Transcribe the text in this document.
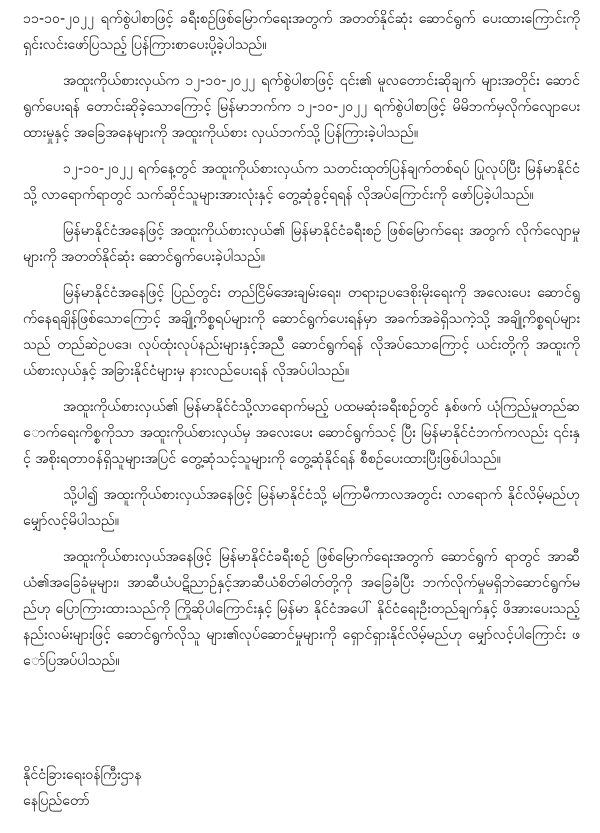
၁၁-၁၀-၂၀၂၂ ရက်စွဲပါစာဖြင့် ခရီးစဉ်ဖြစ်မြောက်ရေးအတွက် အတတ်နိုင်ဆုံး ဆောင်ရွက် ပေးထားကြောင်းကို ရှင်းလင်းဖော်ပြသည့် ပြန်ကြားစာပေးပို့ခဲ့ပါသည်။

အထူးကိုယ်စားလှယ်က ၁၂-၁၀-၂၀၂၂ ရက်စွဲပါစာဖြင့် ၎င်း၏ မူလတောင်းဆိုချက် များအတိုင်း ဆောင်ရွက်ပေးရန် တောင်းဆိုခဲ့သောကြောင့် မြန်မာဘက်က ၁၂-၁၀-၂၀၂၂ ရက်စွဲပါစာဖြင့် မိမိဘက်မှလိုက်လျောပေးထားမှုနှင့် အခြေအနေများကို အထူးကိုယ်စား လှယ်ဘက်သို့ ပြန်ကြားခဲ့ပါသည်။

၁၂-၁၀-၂၀၂၂ ရက်နေ့တွင် အထူးကိုယ်စားလှယ်က သတင်းထုတ်ပြန်ချက်တစ်ရပ် ပြုလုပ်ပြီး မြန်မာနိုင်ငံသို့ လာရောက်ရာတွင် သက်ဆိုင်သူများအားလုံးနှင့် တွေ့ဆုံခွင့်ရရန် လိုအပ်ကြောင်းကို ဖော်ပြခဲ့ပါသည်။

မြန်မာနိုင်ငံအနေဖြင့် အထူးကိုယ်စားလှယ်၏ မြန်မာနိုင်ငံခရီးစဉ် ဖြစ်မြောက်ရေး အတွက် လိုက်လျောမှုများကို အတတ်နိုင်ဆုံး ဆောင်ရွက်ပေးခဲ့ပါသည်။

မြန်မာနိုင်ငံအနေဖြင့် ပြည်တွင်း တည်ငြိမ်အေးချမ်းရေး၊ တရားဥပဒေစိုးမိုးရေးကို အလေးပေး ဆောင်ရွက်နေရချိန်ဖြစ်သောကြောင့် အချို့ကိစ္စရပ်များကို ဆောင်ရွက်ပေးရန်မှာ အခက်အခဲရှိသကဲ့သို့ အချို့ကိစ္စရပ်များသည် တည်ဆဲဥပဒေ၊ လုပ်ထုံးလုပ်နည်းများနှင့်အညီ ဆောင်ရွက်ရန် လိုအပ်သောကြောင့် ယင်းတို့ကို အထူးကိုယ်စားလှယ်နှင့် အခြားနိုင်ငံများမှ နားလည်ပေးရန် လိုအပ်ပါသည်။

အထူးကိုယ်စားလှယ်၏ မြန်မာနိုင်ငံသို့လာရောက်မည့် ပထမဆုံးခရီးစဉ်တွင် နှစ်ဖက် ယုံကြည်မှုတည်ဆောက်ရေးကိစ္စကိုသာ အထူးကိုယ်စားလှယ်မှ အလေးပေး ဆောင်ရွက်သင့် ပြီး မြန်မာနိုင်ငံဘက်ကလည်း ၎င်းနှင့် အစိုးရတာဝန်ရှိသူများအပြင် တွေ့ဆုံသင့်သူများကို တွေ့ဆုံနိုင်ရန် စီစဉ်ပေးထားပြီးဖြစ်ပါသည်။

သို့ပါ၍ အထူးကိုယ်စားလှယ်အနေဖြင့် မြန်မာနိုင်ငံသို့ မကြာမီကာလအတွင်း လာရောက် နိုင်လိမ့်မည်ဟု မျှော်လင့်မိပါသည်။

အထူးကိုယ်စားလှယ်အနေဖြင့် မြန်မာနိုင်ငံခရီးစဉ် ဖြစ်မြောက်ရေးအတွက် ဆောင်ရွက် ရာတွင် အာဆီယံ၏အခြေခံမူများ၊ အာဆီယံပဋိညာဉ်နှင့်အာဆီယံစိတ်ဓါတ်တို့ကို အခြေခံပြီး ဘက်လိုက်မှုမရှိဘဲဆောင်ရွက်မည်ဟု ပြောကြားထားသည်ကို ကြိုဆိုပါကြောင်းနှင့် မြန်မာ နိုင်ငံအပေါ် နိုင်ငံရေးဦးတည်ချက်နှင့် ဖိအားပေးသည့် နည်းလမ်းများဖြင့် ဆောင်ရွက်လိုသူ များ၏လုပ်ဆောင်မှုများကို ရှောင်ရှားနိုင်လိမ့်မည်ဟု မျှော်လင့်ပါကြောင်း ဖော်ပြအပ်ပါသည်။

နိုင်ငံခြားရေးဝန်ကြီးဌာန
နေပြည်တော်
